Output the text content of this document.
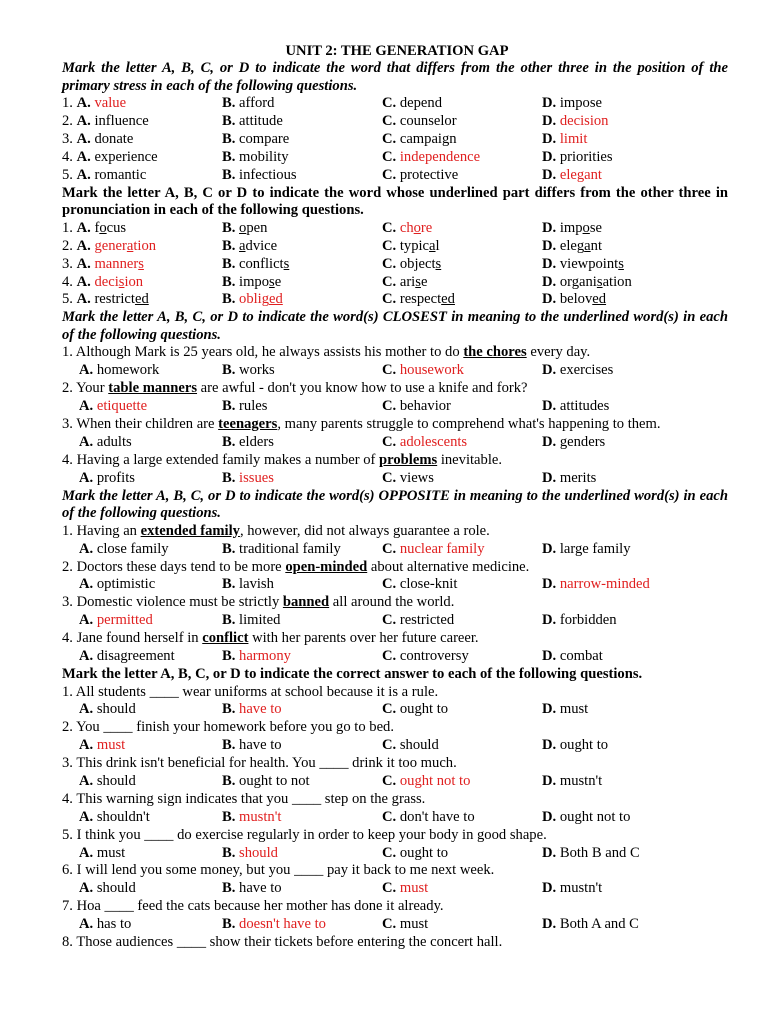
UNIT 2: THE GENERATION GAP
Mark the letter A, B, C, or D to indicate the word that differs from the other three in the position of the primary stress in each of the following questions.
1. A. value	B. afford	C. depend	D. impose
2. A. influence	B. attitude	C. counselor	D. decision
3. A. donate	B. compare	C. campaign	D. limit
4. A. experience	B. mobility	C. independence	D. priorities
5. A. romantic	B. infectious	C. protective	D. elegant
Mark the letter A, B, C or D to indicate the word whose underlined part differs from the other three in pronunciation in each of the following questions.
1. A. focus	B. open	C. chore	D. impose
2. A. generation	B. advice	C. typical	D. elegant
3. A. manners	B. conflicts	C. objects	D. viewpoints
4. A. decision	B. impose	C. arise	D. organisation
5. A. restricted	B. obliged	C. respected	D. beloved
Mark the letter A, B, C, or D to indicate the word(s) CLOSEST in meaning to the underlined word(s) in each of the following questions.
1. Although Mark is 25 years old, he always assists his mother to do the chores every day.
A. homework	B. works	C. housework	D. exercises
2. Your table manners are awful - don't you know how to use a knife and fork?
A. etiquette	B. rules	C. behavior	D. attitudes
3. When their children are teenagers, many parents struggle to comprehend what's happening to them.
A. adults	B. elders	C. adolescents	D. genders
4. Having a large extended family makes a number of problems inevitable.
A. profits	B. issues	C. views	D. merits
Mark the letter A, B, C, or D to indicate the word(s) OPPOSITE in meaning to the underlined word(s) in each of the following questions.
1. Having an extended family, however, did not always guarantee a role.
A. close family	B. traditional family	C. nuclear family	D. large family
2. Doctors these days tend to be more open-minded about alternative medicine.
A. optimistic	B. lavish	C. close-knit	D. narrow-minded
3. Domestic violence must be strictly banned all around the world.
A. permitted	B. limited	C. restricted	D. forbidden
4. Jane found herself in conflict with her parents over her future career.
A. disagreement	B. harmony	C. controversy	D. combat
Mark the letter A, B, C, or D to indicate the correct answer to each of the following questions.
1. All students ____ wear uniforms at school because it is a rule.
A. should	B. have to	C. ought to	D. must
2. You ____ finish your homework before you go to bed.
A. must	B. have to	C. should	D. ought to
3. This drink isn't beneficial for health. You ____ drink it too much.
A. should	B. ought to not	C. ought not to	D. mustn't
4. This warning sign indicates that you ____ step on the grass.
A. shouldn't	B. mustn't	C. don't have to	D. ought not to
5. I think you ____ do exercise regularly in order to keep your body in good shape.
A. must	B. should	C. ought to	D. Both B and C
6. I will lend you some money, but you ____ pay it back to me next week.
A. should	B. have to	C. must	D. mustn't
7. Hoa ____ feed the cats because her mother has done it already.
A. has to	B. doesn't have to	C. must	D. Both A and C
8. Those audiences ____ show their tickets before entering the concert hall.
